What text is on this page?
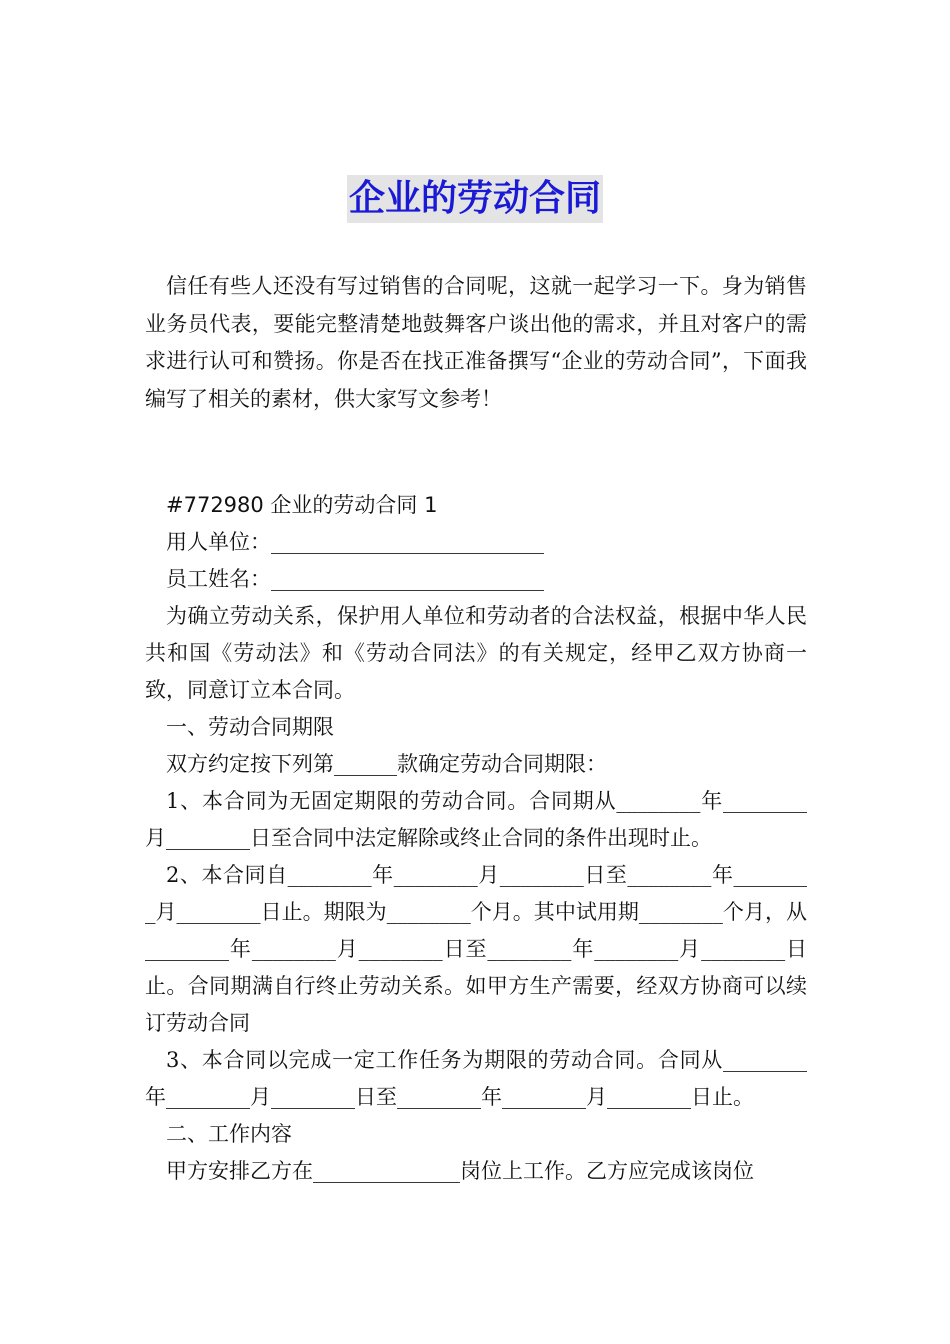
企业的劳动合同

信任有些人还没有写过销售的合同呢，这就一起学习一下。身为销售业务员代表，要能完整清楚地鼓舞客户谈出他的需求，并且对客户的需求进行认可和赞扬。你是否在找正准备撰写“企业的劳动合同”，下面我编写了相关的素材，供大家写文参考！

#772980 企业的劳动合同 1

用人单位：__________________________

员工姓名：__________________________

为确立劳动关系，保护用人单位和劳动者的合法权益，根据中华人民共和国《劳动法》和《劳动合同法》的有关规定，经甲乙双方协商一致，同意订立本合同。

一、劳动合同期限

双方约定按下列第______款确定劳动合同期限：

1、本合同为无固定期限的劳动合同。合同期从________年________月________日至合同中法定解除或终止合同的条件出现时止。

2、本合同自________年________月________日至________年________月________日止。期限为________个月。其中试用期________个月，从________年________月________日至________年________月________日止。合同期满自行终止劳动关系。如甲方生产需要，经双方协商可以续订劳动合同

3、本合同以完成一定工作任务为期限的劳动合同。合同从________年________月________日至________年________月________日止。

二、工作内容

甲方安排乙方在______________岗位上工作。乙方应完成该岗位
